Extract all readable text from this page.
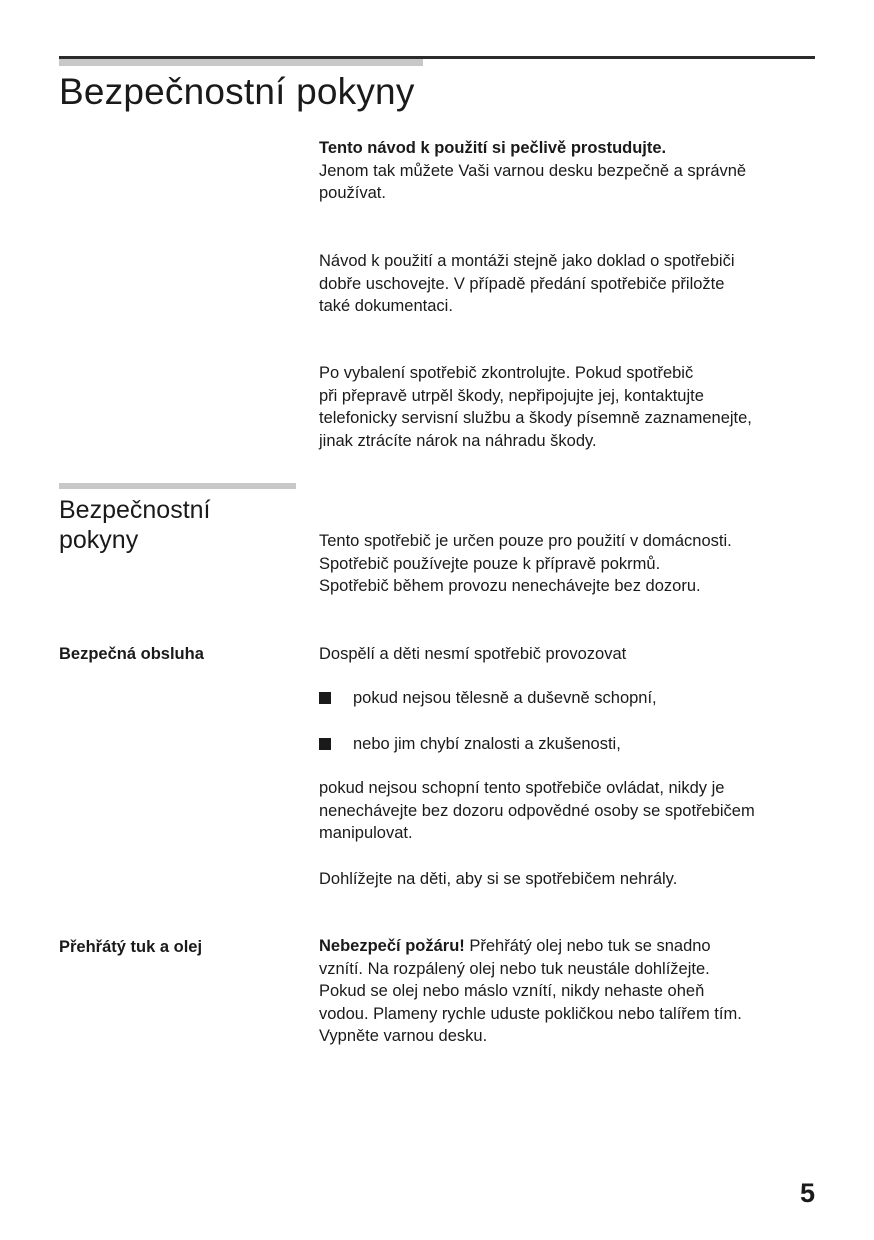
Bezpečnostní pokyny

Tento návod k použití si pečlivě prostudujte.
Jenom tak můžete Vaši varnou desku bezpečně a správně
používat.

Návod k použití a montáži stejně jako doklad o spotřebiči
dobře uschovejte. V případě předání spotřebiče přiložte
také dokumentaci.

Po vybalení spotřebič zkontrolujte. Pokud spotřebič
při přepravě utrpěl škody, nepřipojujte jej, kontaktujte
telefonicky servisní službu a škody písemně zaznamenejte,
jinak ztrácíte nárok na náhradu škody.

Bezpečnostní
pokyny	Tento spotřebič je určen pouze pro použití v domácnosti.
Spotřebič používejte pouze k přípravě pokrmů.
Spotřebič během provozu nenechávejte bez dozoru.

Bezpečná obsluha	Dospělí a děti nesmí spotřebič provozovat

pokud nejsou tělesně a duševně schopní,
nebo jim chybí znalosti a zkušenosti,

pokud nejsou schopní tento spotřebiče ovládat, nikdy je
nenechávejte bez dozoru odpovědné osoby se spotřebičem
manipulovat.

Dohlížejte na děti, aby si se spotřebičem nehrály.

Přehřátý tuk a olej	Nebezpečí požáru! Přehřátý olej nebo tuk se snadno
vznítí. Na rozpálený olej nebo tuk neustále dohlížejte.
Pokud se olej nebo máslo vznítí, nikdy nehaste oheň
vodou. Plameny rychle uduste pokličkou nebo talířem tím.
Vypněte varnou desku.

5
